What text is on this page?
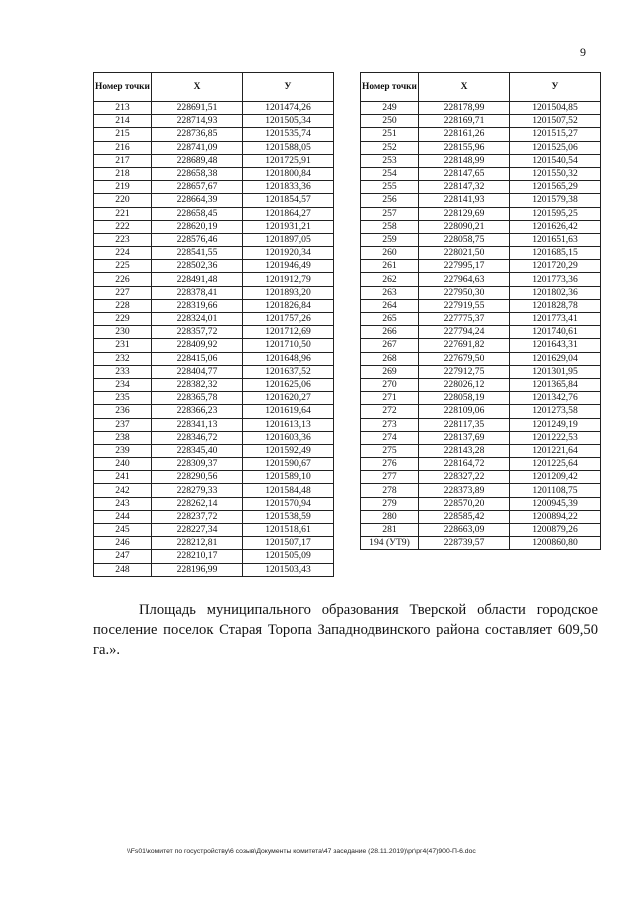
9
Номер точки	X	У
213	228691,51	1201474,26
214	228714,93	1201505,34
215	228736,85	1201535,74
216	228741,09	1201588,05
217	228689,48	1201725,91
218	228658,38	1201800,84
219	228657,67	1201833,36
220	228664,39	1201854,57
221	228658,45	1201864,27
222	228620,19	1201931,21
223	228576,46	1201897,05
224	228541,55	1201920,34
225	228502,36	1201946,49
226	228491,48	1201912,79
227	228378,41	1201893,20
228	228319,66	1201826,84
229	228324,01	1201757,26
230	228357,72	1201712,69
231	228409,92	1201710,50
232	228415,06	1201648,96
233	228404,77	1201637,52
234	228382,32	1201625,06
235	228365,78	1201620,27
236	228366,23	1201619,64
237	228341,13	1201613,13
238	228346,72	1201603,36
239	228345,40	1201592,49
240	228309,37	1201590,67
241	228290,56	1201589,10
242	228279,33	1201584,48
243	228262,14	1201570,94
244	228237,72	1201538,59
245	228227,34	1201518,61
246	228212,81	1201507,17
247	228210,17	1201505,09
248	228196,99	1201503,43
Номер точки	X	У
249	228178,99	1201504,85
250	228169,71	1201507,52
251	228161,26	1201515,27
252	228155,96	1201525,06
253	228148,99	1201540,54
254	228147,65	1201550,32
255	228147,32	1201565,29
256	228141,93	1201579,38
257	228129,69	1201595,25
258	228090,21	1201626,42
259	228058,75	1201651,63
260	228021,50	1201685,15
261	227995,17	1201720,29
262	227964,63	1201773,36
263	227950,30	1201802,36
264	227919,55	1201828,78
265	227775,37	1201773,41
266	227794,24	1201740,61
267	227691,82	1201643,31
268	227679,50	1201629,04
269	227912,75	1201301,95
270	228026,12	1201365,84
271	228058,19	1201342,76
272	228109,06	1201273,58
273	228117,35	1201249,19
274	228137,69	1201222,53
275	228143,28	1201221,64
276	228164,72	1201225,64
277	228327,22	1201209,42
278	228373,89	1201108,75
279	228570,20	1200945,39
280	228585,42	1200894,22
281	228663,09	1200879,26
194 (УТ9)	228739,57	1200860,80

Площадь муниципального образования Тверской области городское поселение поселок Старая Торопа Западнодвинского района составляет 609,50 га.».

\\Fs01\комитет по госустройству\6 созыв\Документы комитета\47 заседание (28.11.2019)\рг\рг4(47)900-П-6.doc
